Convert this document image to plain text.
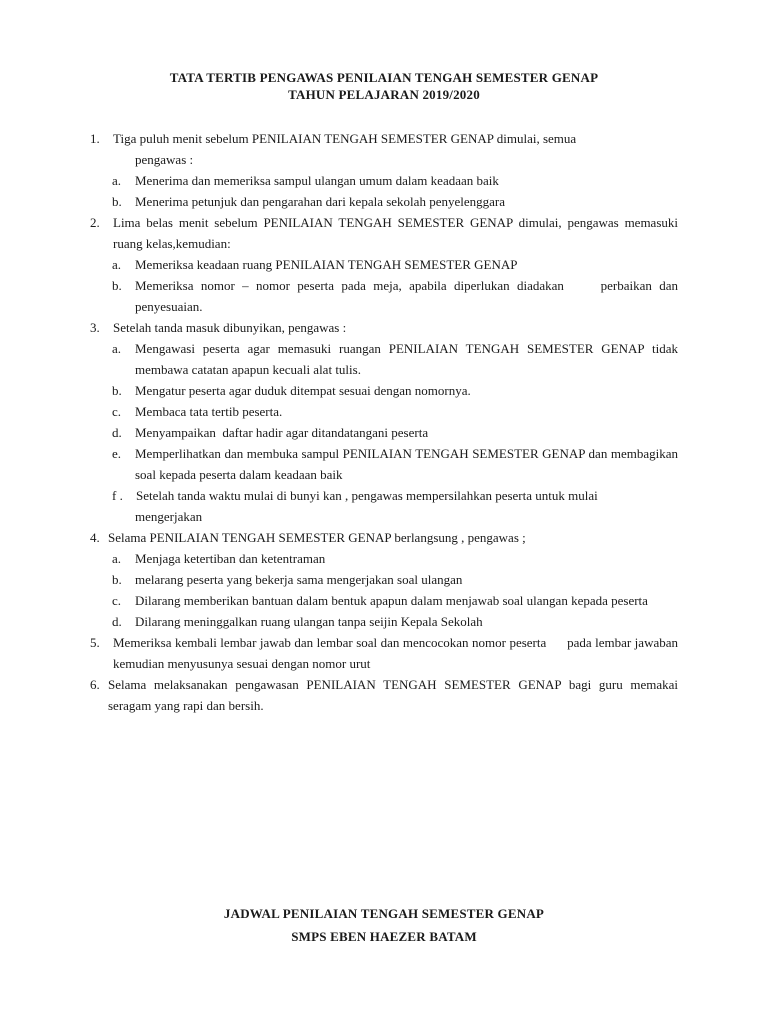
TATA TERTIB PENGAWAS PENILAIAN TENGAH SEMESTER GENAP
TAHUN PELAJARAN 2019/2020
1. Tiga puluh menit sebelum PENILAIAN TENGAH SEMESTER GENAP dimulai, semua
pengawas :
a. Menerima dan memeriksa sampul ulangan umum dalam keadaan baik
b. Menerima petunjuk dan pengarahan dari kepala sekolah penyelenggara
2. Lima belas menit sebelum PENILAIAN TENGAH SEMESTER GENAP dimulai, pengawas memasuki ruang kelas,kemudian:
a. Memeriksa keadaan ruang PENILAIAN TENGAH SEMESTER GENAP
b. Memeriksa nomor – nomor peserta pada meja, apabila diperlukan diadakan     perbaikan dan penyesuaian.
3. Setelah tanda masuk dibunyikan, pengawas :
a. Mengawasi peserta agar memasuki ruangan PENILAIAN TENGAH SEMESTER GENAP tidak membawa catatan apapun kecuali alat tulis.
b. Mengatur peserta agar duduk ditempat sesuai dengan nomornya.
c. Membaca tata tertib peserta.
d. Menyampaikan  daftar hadir agar ditandatangani peserta
e. Memperlihatkan dan membuka sampul PENILAIAN TENGAH SEMESTER GENAP dan membagikan soal kepada peserta dalam keadaan baik
f . Setelah tanda waktu mulai di bunyi kan , pengawas mempersilahkan peserta untuk mulai
mengerjakan
4. Selama PENILAIAN TENGAH SEMESTER GENAP berlangsung , pengawas ;
a. Menjaga ketertiban dan ketentraman
b. melarang peserta yang bekerja sama mengerjakan soal ulangan
c. Dilarang memberikan bantuan dalam bentuk apapun dalam menjawab soal ulangan kepada peserta
d. Dilarang meninggalkan ruang ulangan tanpa seijin Kepala Sekolah
5. Memeriksa kembali lembar jawab dan lembar soal dan mencocokan nomor peserta      pada lembar jawaban kemudian menyusunya sesuai dengan nomor urut
6. Selama melaksanakan pengawasan PENILAIAN TENGAH SEMESTER GENAP bagi guru memakai seragam yang rapi dan bersih.
JADWAL PENILAIAN TENGAH SEMESTER GENAP
SMPS EBEN HAEZER BATAM
